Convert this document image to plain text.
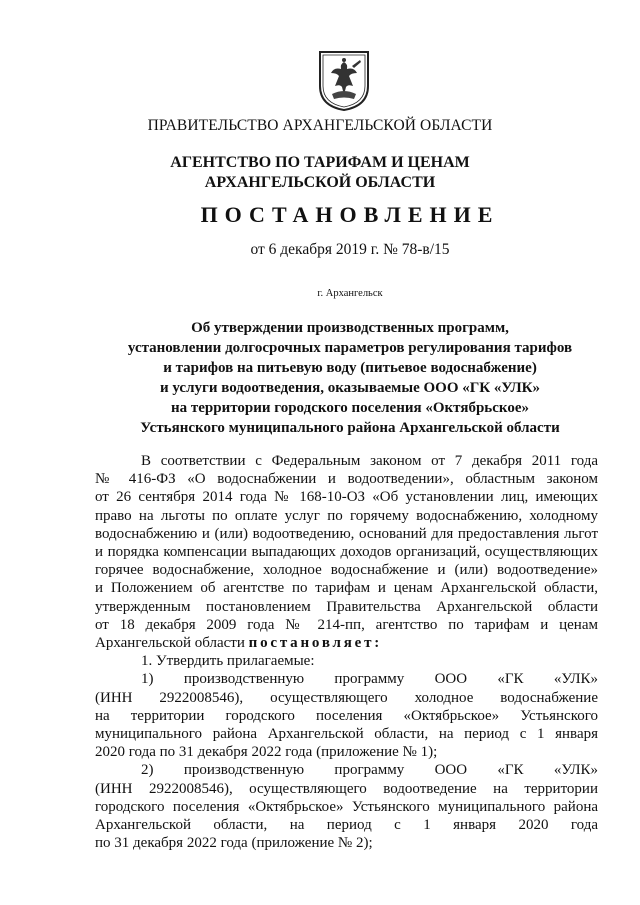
ПРАВИТЕЛЬСТВО АРХАНГЕЛЬСКОЙ ОБЛАСТИ
АГЕНТСТВО ПО ТАРИФАМ И ЦЕНАМ
АРХАНГЕЛЬСКОЙ ОБЛАСТИ
ПОСТАНОВЛЕНИЕ
от 6 декабря 2019 г. № 78-в/15
г. Архангельск
Об утверждении производственных программ,
установлении долгосрочных параметров регулирования тарифов
и тарифов на питьевую воду (питьевое водоснабжение)
и услуги водоотведения, оказываемые ООО «ГК «УЛК»
на территории городского поселения «Октябрьское»
Устьянского муниципального района Архангельской области
В соответствии с Федеральным законом от 7 декабря 2011 года
№ 416-ФЗ «О водоснабжении и водоотведении», областным законом
от 26 сентября 2014 года № 168-10-ОЗ «Об установлении лиц, имеющих
право на льготы по оплате услуг по горячему водоснабжению, холодному
водоснабжению и (или) водоотведению, оснований для предоставления льгот
и порядка компенсации выпадающих доходов организаций, осуществляющих
горячее водоснабжение, холодное водоснабжение и (или) водоотведение»
и Положением об агентстве по тарифам и ценам Архангельской области,
утвержденным постановлением Правительства Архангельской области
от 18 декабря 2009 года № 214-пп, агентство по тарифам и ценам
Архангельской области постановляет:
1. Утвердить прилагаемые:
1) производственную программу ООО «ГК «УЛК»
(ИНН 2922008546), осуществляющего холодное водоснабжение
на территории городского поселения «Октябрьское» Устьянского
муниципального района Архангельской области, на период с 1 января
2020 года по 31 декабря 2022 года (приложение № 1);
2) производственную программу ООО «ГК «УЛК»
(ИНН 2922008546), осуществляющего водоотведение на территории
городского поселения «Октябрьское» Устьянского муниципального района
Архангельской области, на период с 1 января 2020 года
по 31 декабря 2022 года (приложение № 2);
